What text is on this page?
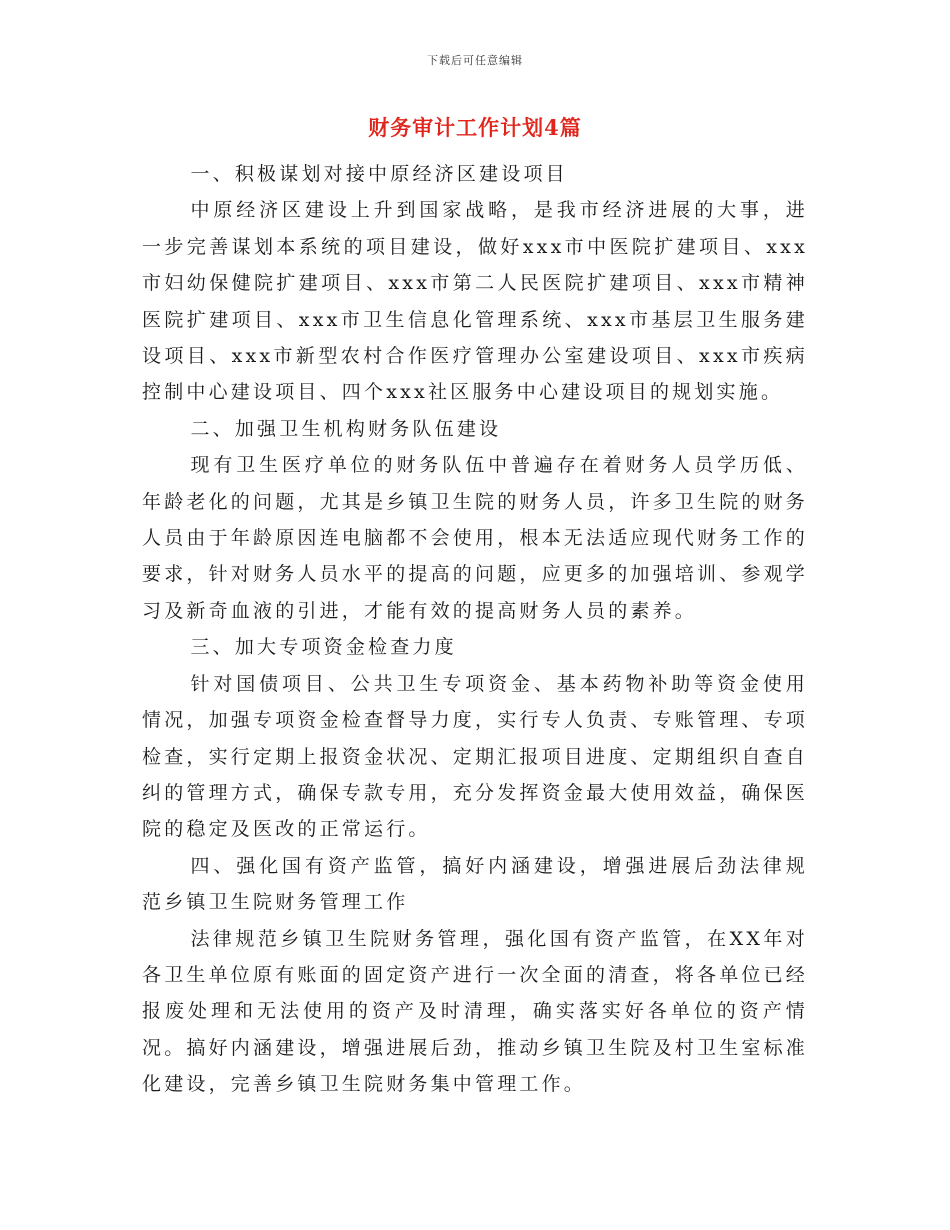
下载后可任意编辑
财务审计工作计划4篇

一、积极谋划对接中原经济区建设项目

中原经济区建设上升到国家战略，是我市经济进展的大事，进一步完善谋划本系统的项目建设，做好xxx市中医院扩建项目、xxx市妇幼保健院扩建项目、xxx市第二人民医院扩建项目、xxx市精神医院扩建项目、xxx市卫生信息化管理系统、xxx市基层卫生服务建设项目、xxx市新型农村合作医疗管理办公室建设项目、xxx市疾病控制中心建设项目、四个xxx社区服务中心建设项目的规划实施。

二、加强卫生机构财务队伍建设

现有卫生医疗单位的财务队伍中普遍存在着财务人员学历低、年龄老化的问题，尤其是乡镇卫生院的财务人员，许多卫生院的财务人员由于年龄原因连电脑都不会使用，根本无法适应现代财务工作的要求，针对财务人员水平的提高的问题，应更多的加强培训、参观学习及新奇血液的引进，才能有效的提高财务人员的素养。

三、加大专项资金检查力度

针对国债项目、公共卫生专项资金、基本药物补助等资金使用情况，加强专项资金检查督导力度，实行专人负责、专账管理、专项检查，实行定期上报资金状况、定期汇报项目进度、定期组织自查自纠的管理方式，确保专款专用，充分发挥资金最大使用效益，确保医院的稳定及医改的正常运行。

四、强化国有资产监管，搞好内涵建设，增强进展后劲法律规范乡镇卫生院财务管理工作

法律规范乡镇卫生院财务管理，强化国有资产监管，在XX年对各卫生单位原有账面的固定资产进行一次全面的清查，将各单位已经报废处理和无法使用的资产及时清理，确实落实好各单位的资产情况。搞好内涵建设，增强进展后劲，推动乡镇卫生院及村卫生室标准化建设，完善乡镇卫生院财务集中管理工作。
